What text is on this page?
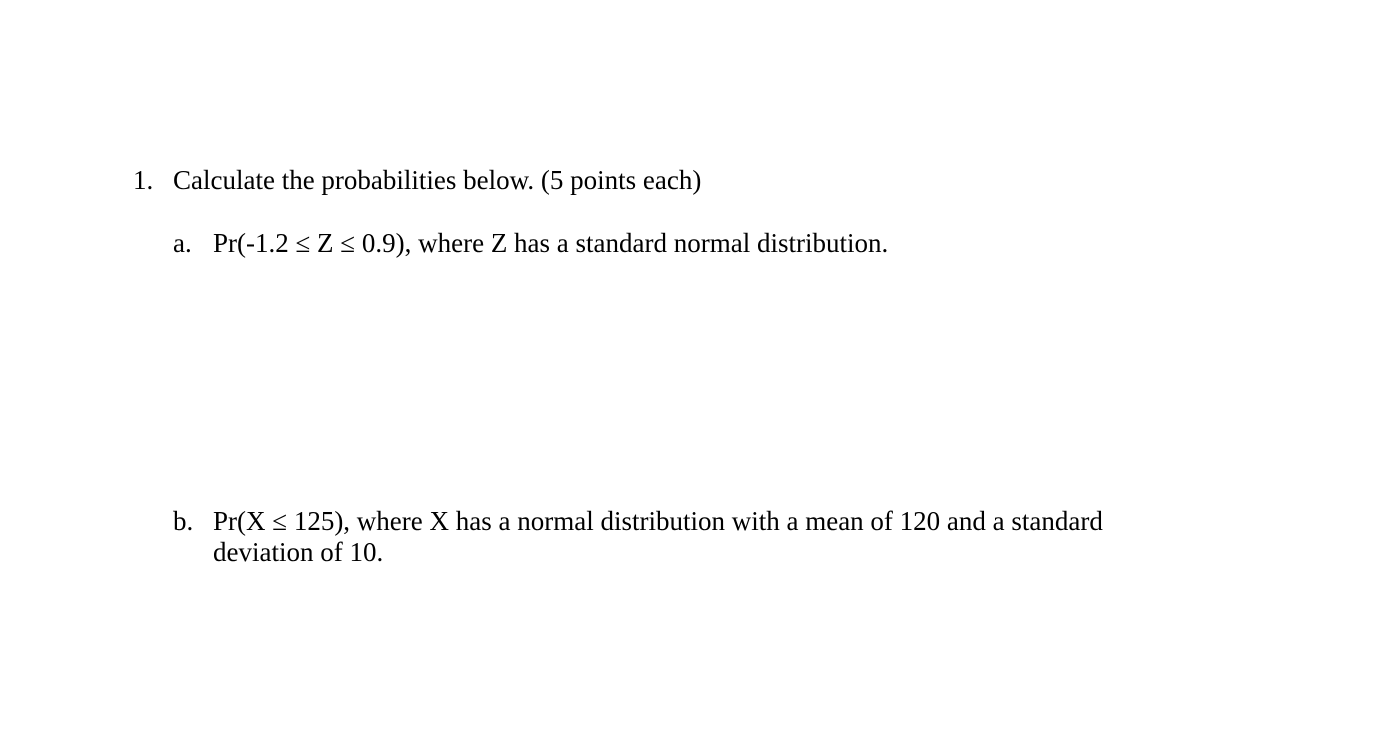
1. Calculate the probabilities below. (5 points each)
a. Pr(-1.2 ≤ Z ≤ 0.9), where Z has a standard normal distribution.
b. Pr(X ≤ 125), where X has a normal distribution with a mean of 120 and a standard deviation of 10.
